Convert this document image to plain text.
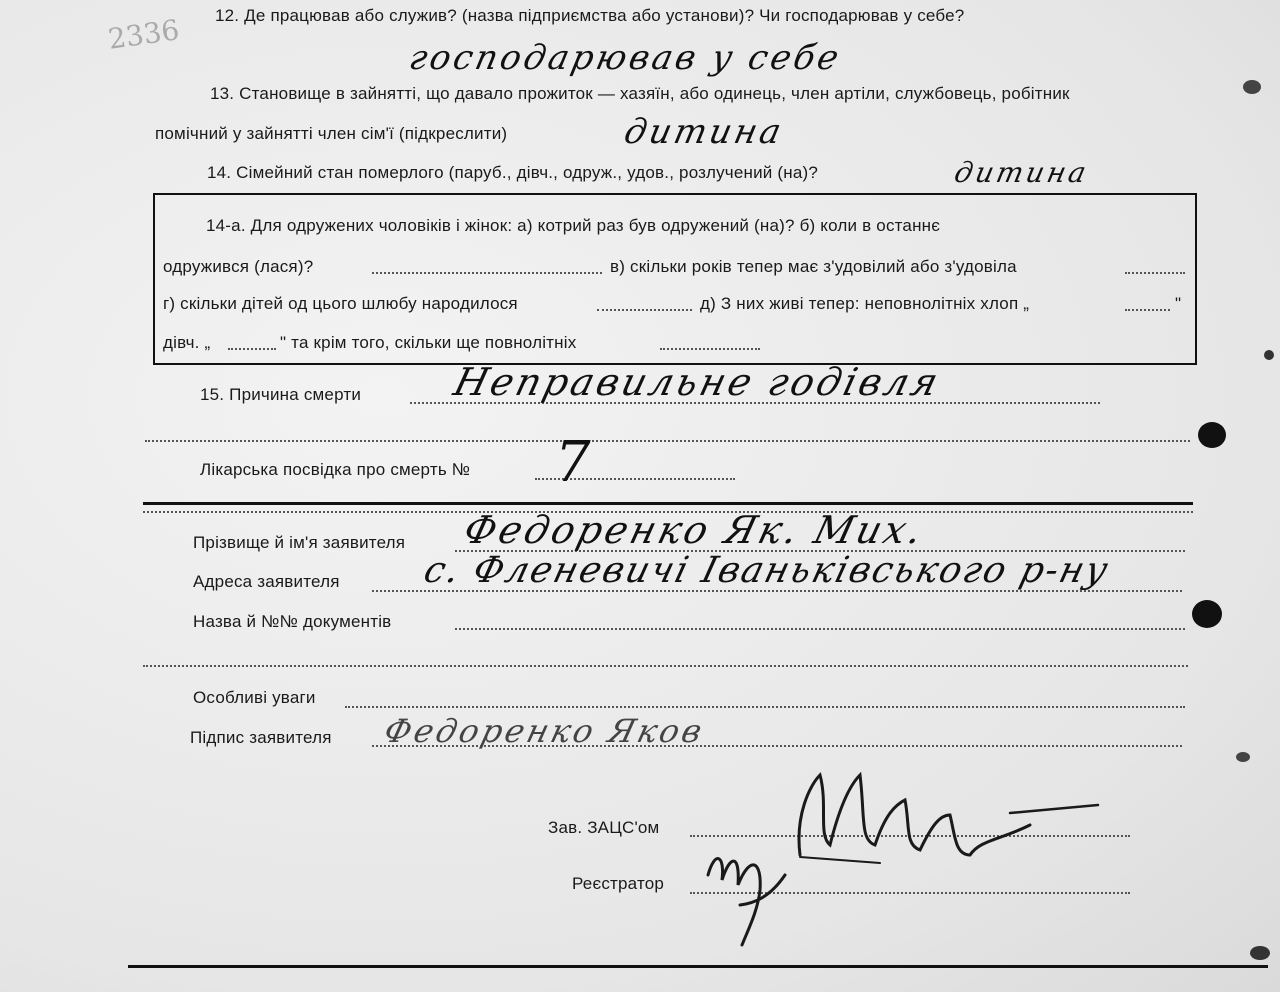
2336 12. Де працював або служив? (назва підприємства або установи)? Чи господарював у себе?
господарював у себе
13. Становище в зайнятті, що давало прожиток — хазяїн, або одинець, член артіли, службовець, робітник
помічний у зайнятті член сім'ї (підкреслити)	дитина
14. Сімейний стан померлого (паруб., дівч., одруж., удов., розлучений (на)?	дитина
14-а. Для одружених чоловіків і жінок: а) котрий раз був одружений (на)? б) коли в останнє
одружився (лася)?	в) скільки років тепер має з'удовілий або з'удовіла
г) скільки дітей од цього шлюбу народилося	д) З них живі тепер: неповнолітніх хлоп „	"
дівч. „	" та крім того, скільки ще повнолітніх
15. Причина смерти Неправильне годівля
Лікарська посвідка про смерть № 7
Прізвище й ім'я заявителя Федоренко Як. Мих.
Адреса заявителя с. Фленевичі Іваньківського р-ну
Назва й №№ документів
Особливі уваги
Підпис заявителя Федоренко Яков
Зав. ЗАЦС'ом
Реєстратор
